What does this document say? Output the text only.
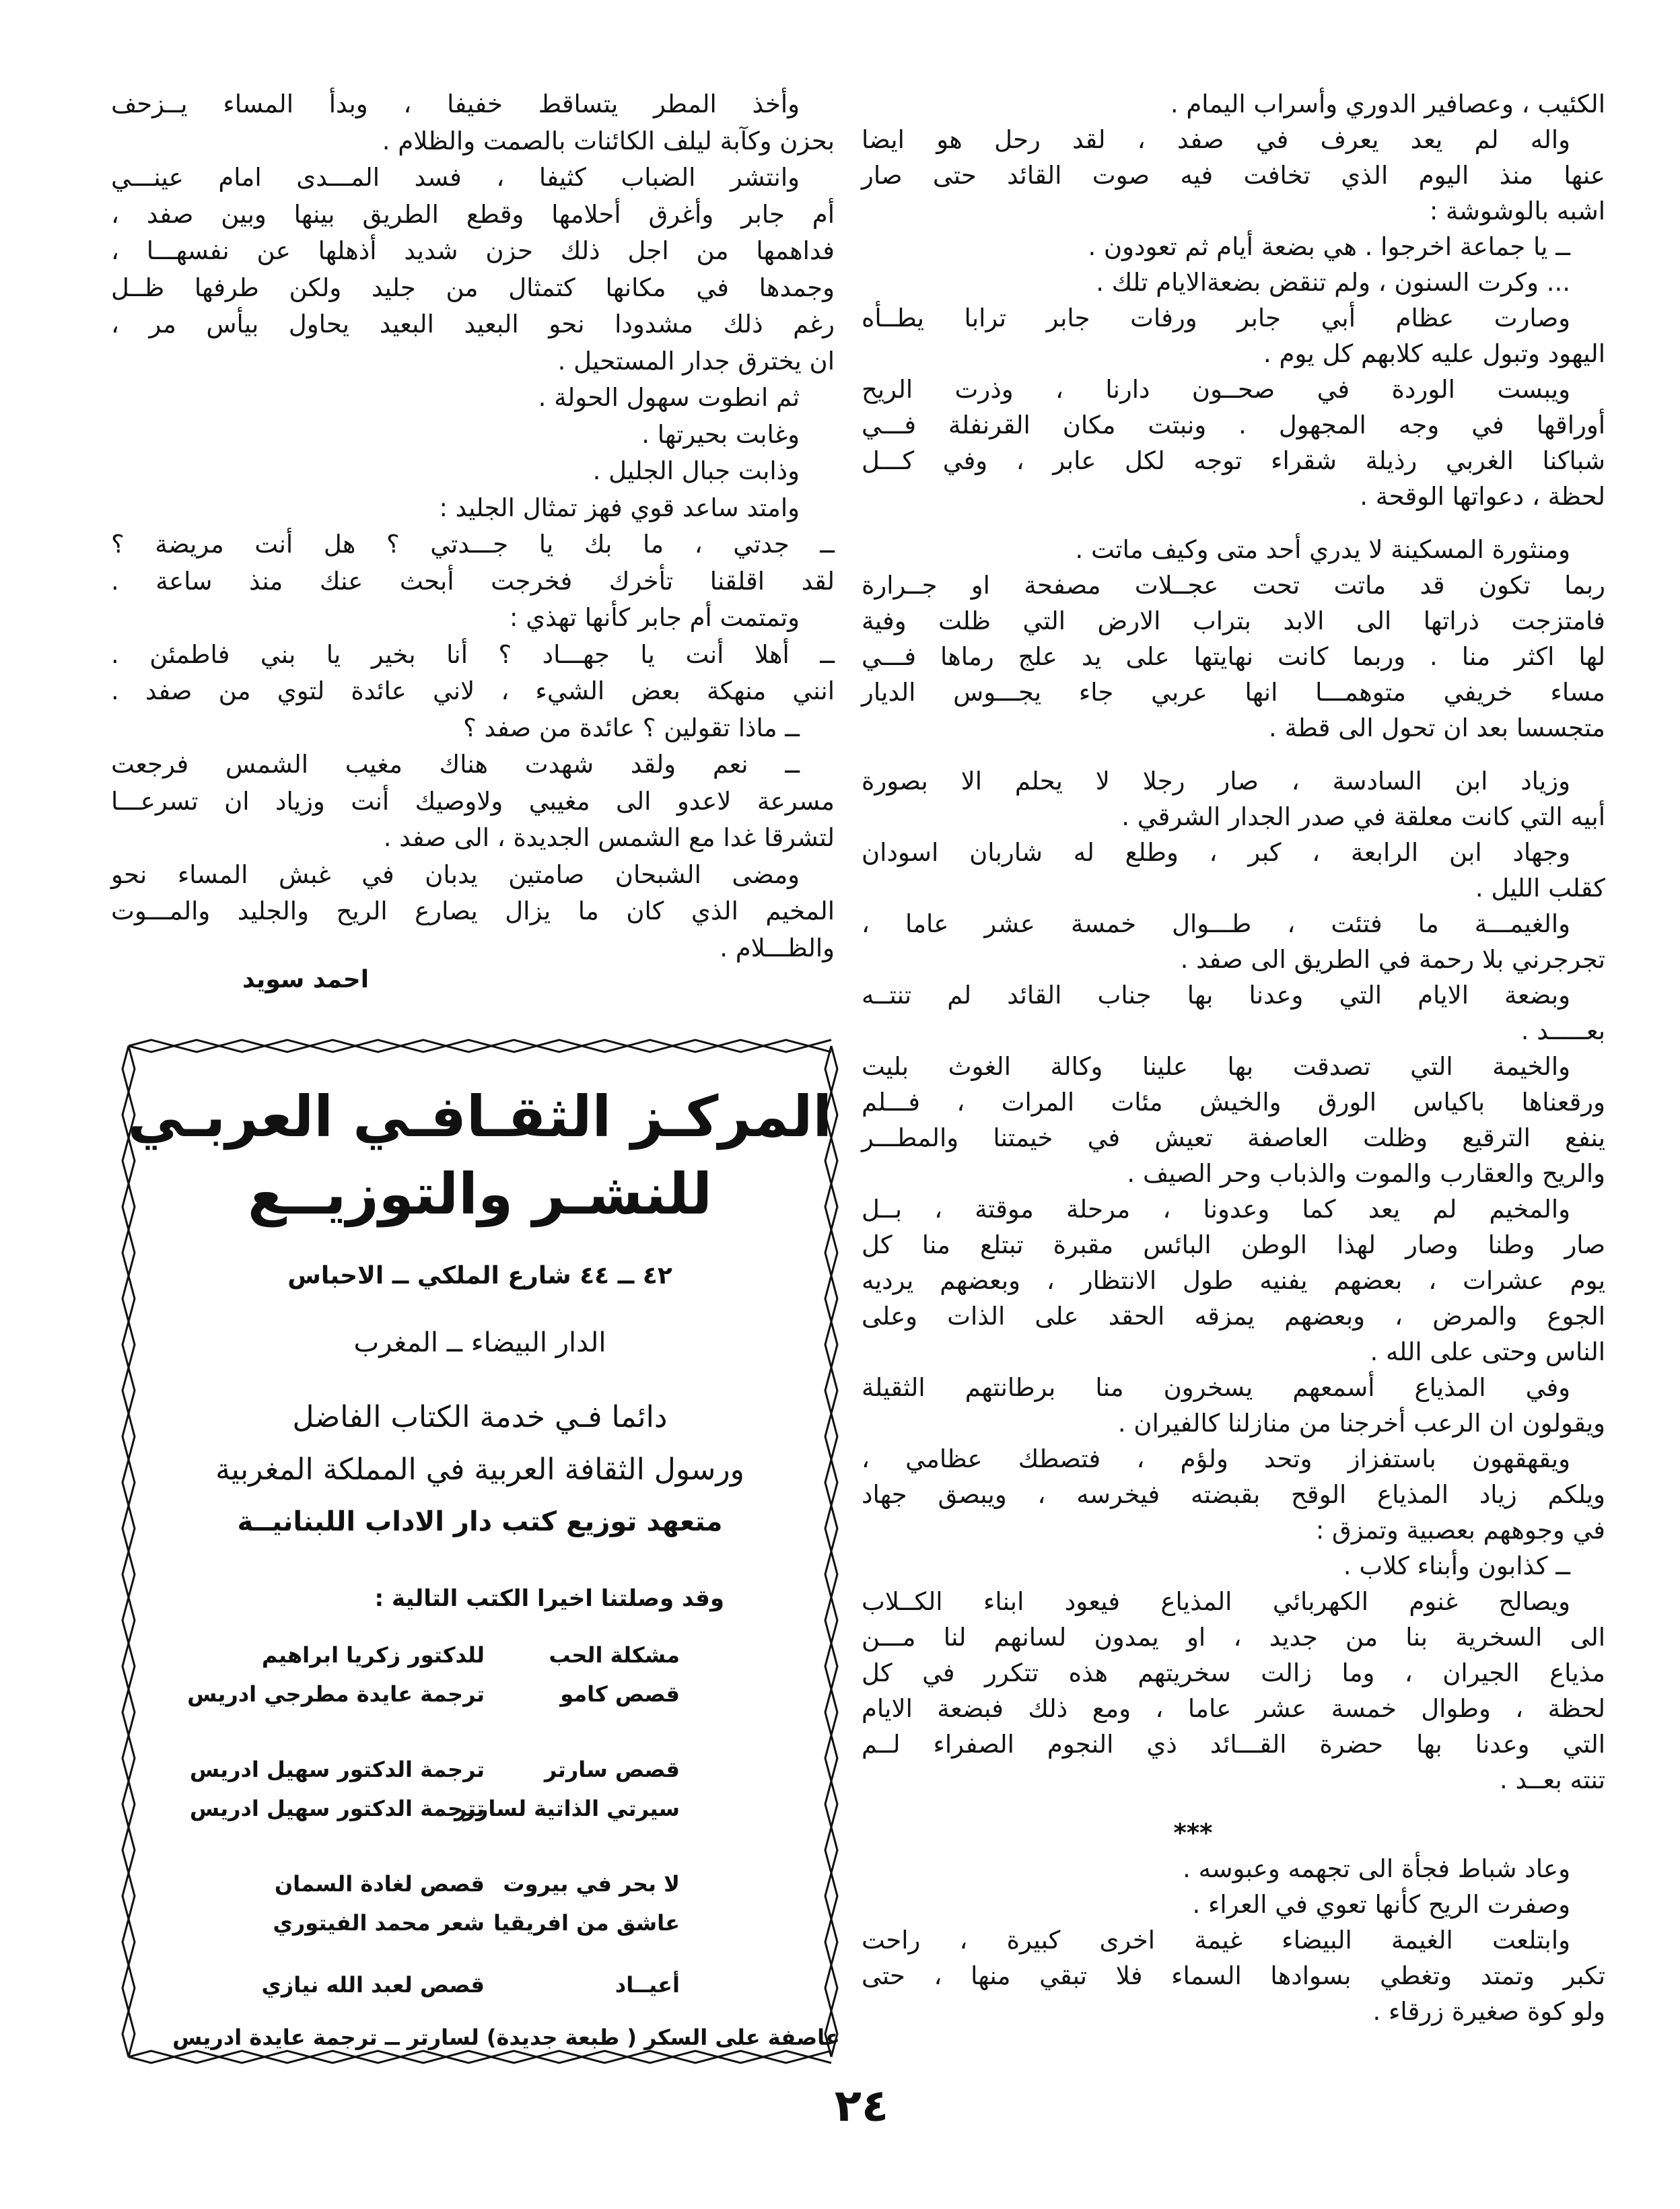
الكئيب ، وعصافير الدوري وأسراب اليمام .
واله لم يعد يعرف في صفد ، لقد رحل هو ايضا
عنها منذ اليوم الذي تخافت فيه صوت القائد حتى صار
اشبه بالوشوشة :
ــ يا جماعة اخرجوا . هي بضعة أيام ثم تعودون .
... وكرت السنون ، ولم تنقض بضعةالايام تلك .
وصارت عظام أبي جابر ورفات جابر ترابا يطــأه
اليهود وتبول عليه كلابهم كل يوم .
ويبست الوردة في صحــون دارنا ، وذرت الريح
أوراقها في وجه المجهول . ونبتت مكان القرنفلة فـــي
شباكنا الغربي رذيلة شقراء توجه لكل عابر ، وفي كـــل
لحظة ، دعواتها الوقحة .
ومنثورة المسكينة لا يدري أحد متى وكيف ماتت .
ربما تكون قد ماتت تحت عجــلات مصفحة او جــرارة
فامتزجت ذراتها الى الابد بتراب الارض التي ظلت وفية
لها اكثر منا . وربما كانت نهايتها على يد علج رماها فـــي
مساء خريفي متوهمـــا انها عربي جاء يجـــوس الديار
متجسسا بعد ان تحول الى قطة .
وزياد ابن السادسة ، صار رجلا لا يحلم الا بصورة
أبيه التي كانت معلقة في صدر الجدار الشرقي .
وجهاد ابن الرابعة ، كبر ، وطلع له شاربان اسودان
كقلب الليل .
والغيمـــة ما فتئت ، طـــوال خمسة عشر عاما ،
تجرجرني بلا رحمة في الطريق الى صفد .
وبضعة الايام التي وعدنا بها جناب القائد لم تنتــه
بعـــــد .
والخيمة التي تصدقت بها علينا وكالة الغوث بليت
ورقعناها باكياس الورق والخيش مئات المرات ، فـــلم
ينفع الترقيع وظلت العاصفة تعيش في خيمتنا والمطـــر
والريح والعقارب والموت والذباب وحر الصيف .
والمخيم لم يعد كما وعدونا ، مرحلة موقتة ، بــل
صار وطنا وصار لهذا الوطن البائس مقبرة تبتلع منا كل
يوم عشرات ، بعضهم يفنيه طول الانتظار ، وبعضهم يرديه
الجوع والمرض ، وبعضهم يمزقه الحقد على الذات وعلى
الناس وحتى على الله .
وفي المذياع أسمعهم يسخرون منا برطانتهم الثقيلة
ويقولون ان الرعب أخرجنا من منازلنا كالفيران .
ويقهقهون باستفزاز وتحد ولؤم ، فتصطك عظامي ،
ويلكم زياد المذياع الوقح بقبضته فيخرسه ، ويبصق جهاد
في وجوههم بعصبية وتمزق :
ــ كذابون وأبناء كلاب .
ويصالح غنوم الكهربائي المذياع فيعود ابناء الكــلاب
الى السخرية بنا من جديد ، او يمدون لسانهم لنا مـــن
مذياع الجيران ، وما زالت سخريتهم هذه تتكرر في كل
لحظة ، وطوال خمسة عشر عاما ، ومع ذلك فبضعة الايام
التي وعدنا بها حضرة القـــائد ذي النجوم الصفراء لــم
تنته بعــد .
***
وعاد شباط فجأة الى تجهمه وعبوسه .
وصفرت الريح كأنها تعوي في العراء .
وابتلعت الغيمة البيضاء غيمة اخرى كبيرة ، راحت
تكبر وتمتد وتغطي بسوادها السماء فلا تبقي منها ، حتى
ولو كوة صغيرة زرقاء .
وأخذ المطر يتساقط خفيفا ، وبدأ المساء يــزحف
بحزن وكآبة ليلف الكائنات بالصمت والظلام .
وانتشر الضباب كثيفا ، فسد المـــدى امام عينـــي
أم جابر وأغرق أحلامها وقطع الطريق بينها وبين صفد ،
فداهمها من اجل ذلك حزن شديد أذهلها عن نفسهـــا ،
وجمدها في مكانها كتمثال من جليد ولكن طرفها ظــل
رغم ذلك مشدودا نحو البعيد البعيد يحاول بيأس مر ،
ان يخترق جدار المستحيل .
ثم انطوت سهول الحولة .
وغابت بحيرتها .
وذابت جبال الجليل .
وامتد ساعد قوي فهز تمثال الجليد :
ــ جدتي ، ما بك يا جـــدتي ؟ هل أنت مريضة ؟
لقد اقلقنا تأخرك فخرجت أبحث عنك منذ ساعة .
وتمتمت أم جابر كأنها تهذي :
ــ أهلا أنت يا جهـــاد ؟ أنا بخير يا بني فاطمئن .
انني منهكة بعض الشيء ، لاني عائدة لتوي من صفد .
ــ ماذا تقولين ؟ عائدة من صفد ؟
ــ نعم ولقد شهدت هناك مغيب الشمس فرجعت
مسرعة لاعدو الى مغيبي ولاوصيك أنت وزياد ان تسرعـــا
لتشرقا غدا مع الشمس الجديدة ، الى صفد .
ومضى الشبحان صامتين يدبان في غبش المساء نحو
المخيم الذي كان ما يزال يصارع الريح والجليد والمـــوت
والظـــلام .
احمد سويد
المركـز الثقـافـي العربـي
للنشـر والتوزيــع
٤٢ ــ ٤٤ شارع الملكي ــ الاحباس
الدار البيضاء ــ المغرب
دائما فـي خدمة الكتاب الفاضل
ورسول الثقافة العربية في المملكة المغربية
متعهد توزيع كتب دار الاداب اللبنانيــة
وقد وصلتنا اخيرا الكتب التالية :
مشكلة الحب
للدكتور زكريا ابراهيم
قصص كامو
ترجمة عايدة مطرجي ادريس
قصص سارتر
ترجمة الدكتور سهيل ادريس
سيرتي الذاتية لسارتر
ترجمة الدكتور سهيل ادريس
لا بحر في بيروت
قصص لغادة السمان
عاشق من افريقيا
شعر محمد الفيتوري
أعيــاد
قصص لعبد الله نيازي
عاصفة على السكر ( طبعة جديدة) لسارتر ــ ترجمة عايدة ادريس
٢٤
